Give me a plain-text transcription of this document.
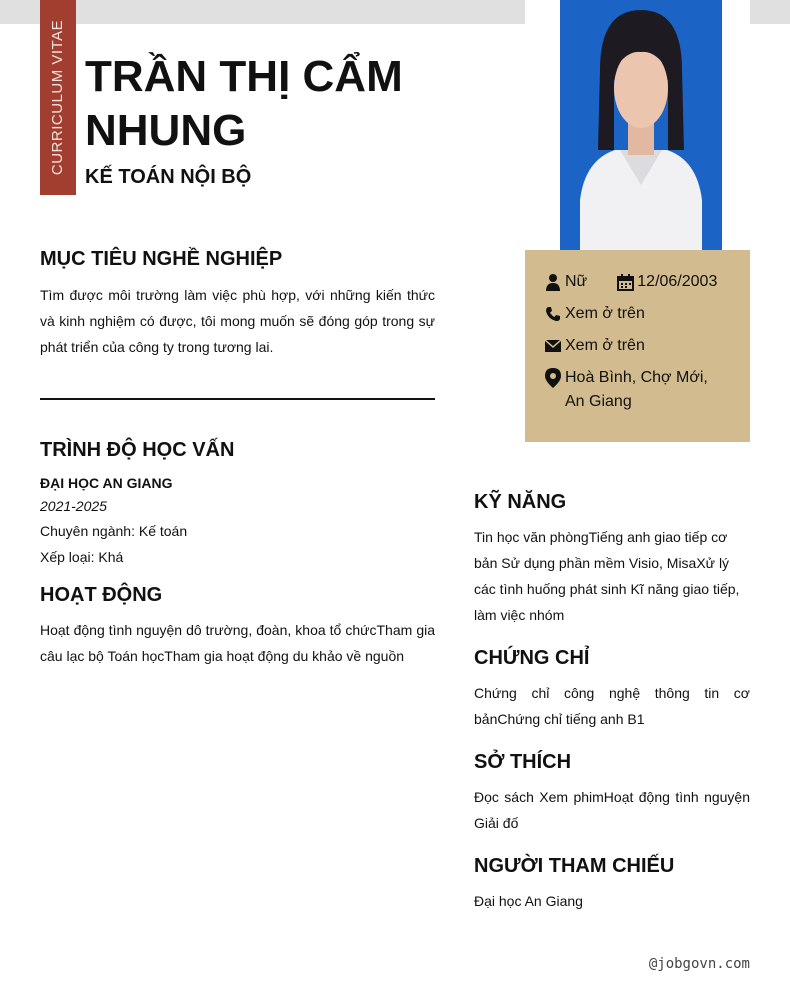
CURRICULUM VITAE TRẦN THỊ CẨM NHUNG
KẾ TOÁN NỘI BỘ
Nữ	12/06/2003
Xem ở trên
Xem ở trên
Hoà Bình, Chợ Mới, An Giang
MỤC TIÊU NGHỀ NGHIỆP

Tìm được môi trường làm việc phù hợp, với những kiến thức và kinh nghiệm có được, tôi mong muốn sẽ đóng góp trong sự phát triển của công ty trong tương lai.

TRÌNH ĐỘ HỌC VẤN

ĐẠI HỌC AN GIANG

2021-2025

Chuyên ngành: Kế toán

Xếp loại: Khá

HOẠT ĐỘNG

Hoạt động tình nguyện dô trường, đoàn, khoa tổ chứcTham gia câu lạc bộ Toán họcTham gia hoạt động du khảo về nguồn

KỸ NĂNG

Tin học văn phòngTiếng anh giao tiếp cơ bản Sử dụng phần mềm Visio, MisaXử lý các tình huống phát sinh Kĩ năng giao tiếp, làm việc nhóm

CHỨNG CHỈ

Chứng chỉ công nghệ thông tin cơ bảnChứng chỉ tiếng anh B1

SỞ THÍCH

Đọc sách Xem phimHoạt động tình nguyện Giải đố

NGƯỜI THAM CHIẾU

Đại học An Giang

@jobgovn.com
